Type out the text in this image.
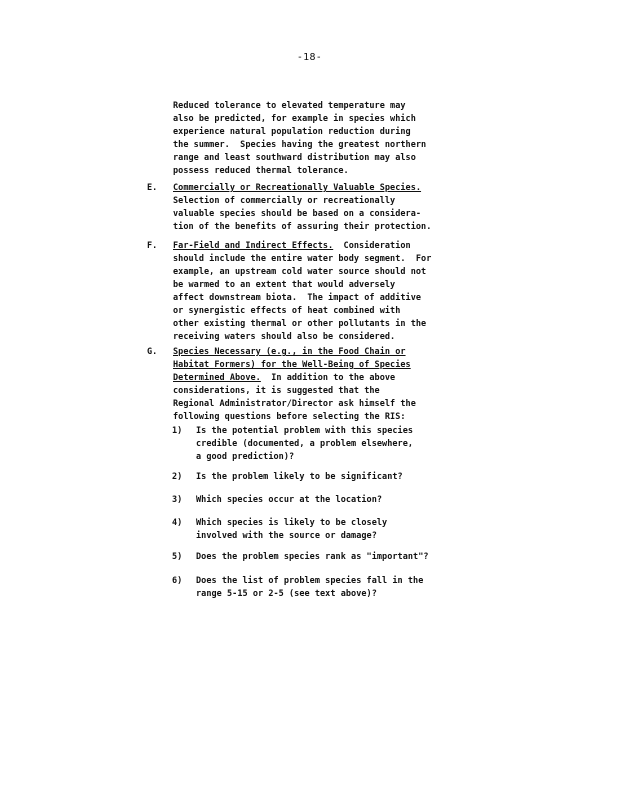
-18-
Reduced tolerance to elevated temperature may
also be predicted, for example in species which
experience natural population reduction during
the summer.  Species having the greatest northern
range and least southward distribution may also
possess reduced thermal tolerance.
E. Commercially or Recreationally Valuable Species.
Selection of commercially or recreationally
valuable species should be based on a considera-
tion of the benefits of assuring their protection.
F. Far-Field and Indirect Effects.  Consideration
should include the entire water body segment.  For
example, an upstream cold water source should not
be warmed to an extent that would adversely
affect downstream biota.  The impact of additive
or synergistic effects of heat combined with
other existing thermal or other pollutants in the
receiving waters should also be considered.
G. Species Necessary (e.g., in the Food Chain or
Habitat Formers) for the Well-Being of Species
Determined Above.  In addition to the above
considerations, it is suggested that the
Regional Administrator/Director ask himself the
following questions before selecting the RIS:
1) Is the potential problem with this species
credible (documented, a problem elsewhere,
a good prediction)?
2) Is the problem likely to be significant?
3) Which species occur at the location?
4) Which species is likely to be closely
involved with the source or damage?
5) Does the problem species rank as "important"?
6) Does the list of problem species fall in the
range 5-15 or 2-5 (see text above)?
